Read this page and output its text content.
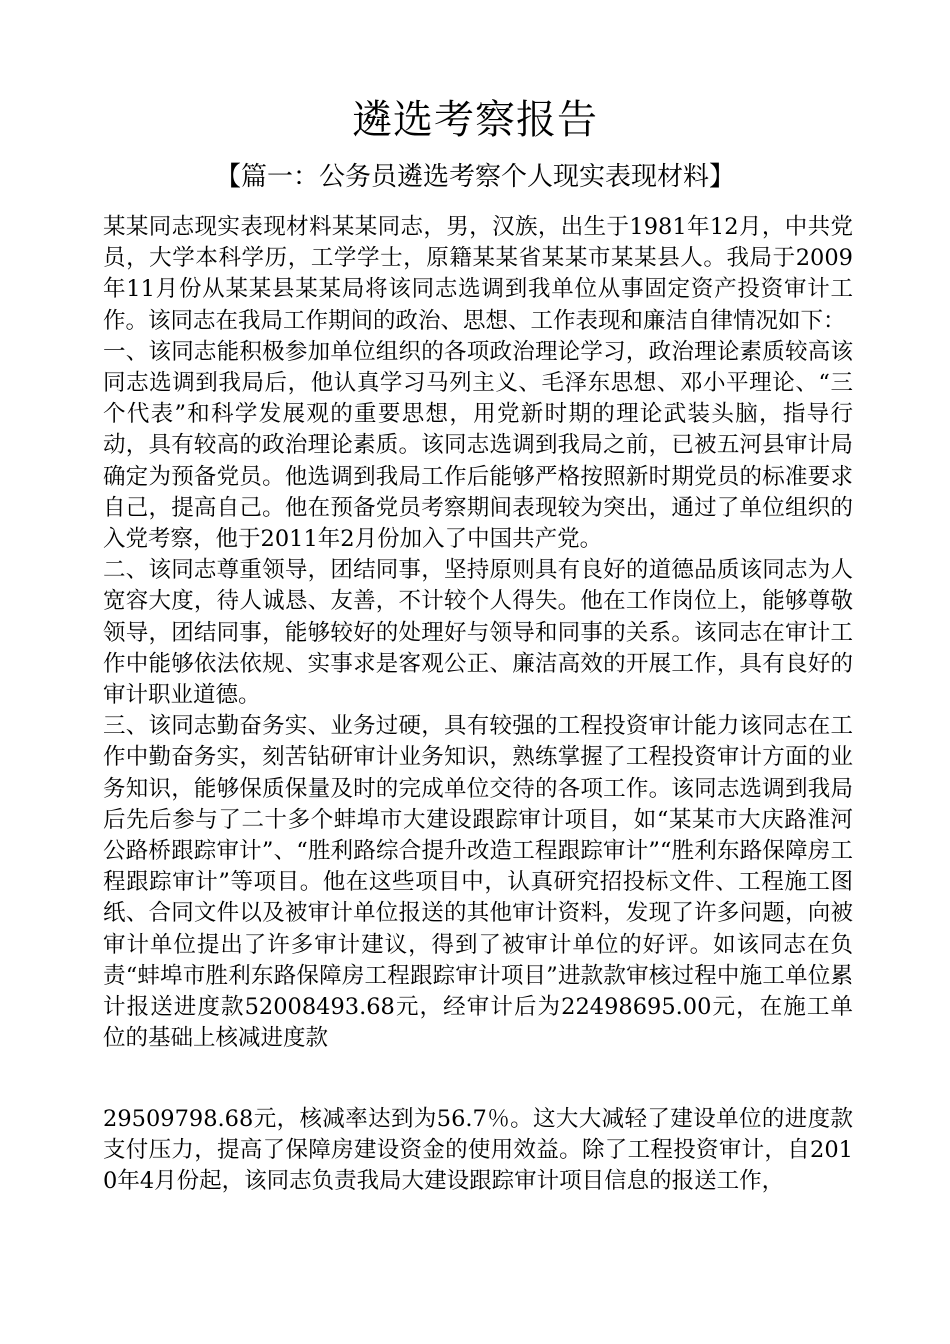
遴选考察报告
【篇一：公务员遴选考察个人现实表现材料】

某某同志现实表现材料某某同志，男，汉族，出生于1981年12月，中共党员，大学本科学历，工学学士，原籍某某省某某市某某县人。我局于2009年11月份从某某县某某局将该同志选调到我单位从事固定资产投资审计工作。该同志在我局工作期间的政治、思想、工作表现和廉洁自律情况如下：

一、该同志能积极参加单位组织的各项政治理论学习，政治理论素质较高该同志选调到我局后，他认真学习马列主义、毛泽东思想、邓小平理论、“三个代表”和科学发展观的重要思想，用党新时期的理论武装头脑，指导行动，具有较高的政治理论素质。该同志选调到我局之前，已被五河县审计局确定为预备党员。他选调到我局工作后能够严格按照新时期党员的标准要求自己，提高自己。他在预备党员考察期间表现较为突出，通过了单位组织的入党考察，他于2011年2月份加入了中国共产党。

二、该同志尊重领导，团结同事，坚持原则具有良好的道德品质该同志为人宽容大度，待人诚恳、友善，不计较个人得失。他在工作岗位上，能够尊敬领导，团结同事，能够较好的处理好与领导和同事的关系。该同志在审计工作中能够依法依规、实事求是客观公正、廉洁高效的开展工作，具有良好的审计职业道德。

三、该同志勤奋务实、业务过硬，具有较强的工程投资审计能力该同志在工作中勤奋务实，刻苦钻研审计业务知识，熟练掌握了工程投资审计方面的业务知识，能够保质保量及时的完成单位交待的各项工作。该同志选调到我局后先后参与了二十多个蚌埠市大建设跟踪审计项目，如“某某市大庆路淮河公路桥跟踪审计”、“胜利路综合提升改造工程跟踪审计”“胜利东路保障房工程跟踪审计”等项目。他在这些项目中，认真研究招投标文件、工程施工图纸、合同文件以及被审计单位报送的其他审计资料，发现了许多问题，向被审计单位提出了许多审计建议，得到了被审计单位的好评。如该同志在负责“蚌埠市胜利东路保障房工程跟踪审计项目”进款款审核过程中施工单位累计报送进度款52008493.68元，经审计后为22498695.00元，在施工单位的基础上核减进度款

29509798.68元，核减率达到为56.7％。这大大减轻了建设单位的进度款支付压力，提高了保障房建设资金的使用效益。除了工程投资审计，自2010年4月份起，该同志负责我局大建设跟踪审计项目信息的报送工作，
